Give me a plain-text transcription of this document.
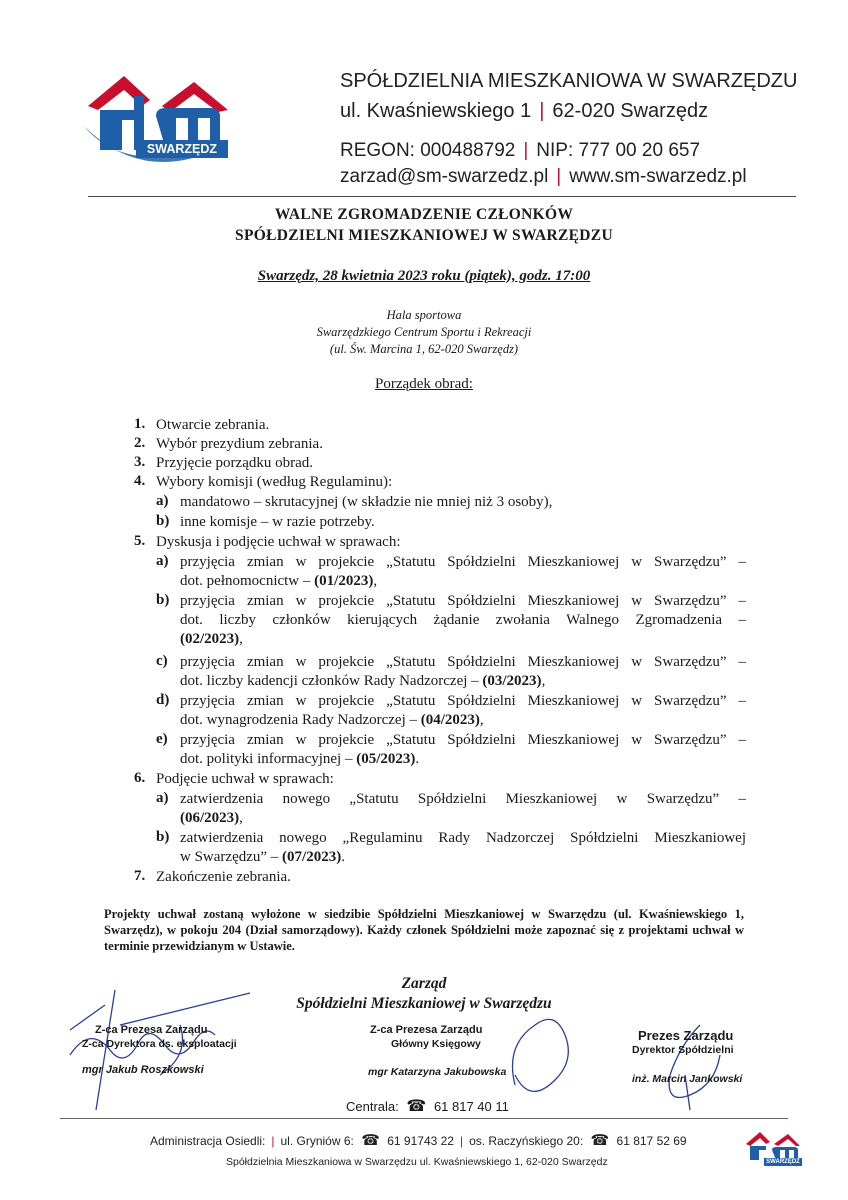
SWARZĘDZ
SPÓŁDZIELNIA MIESZKANIOWA W SWARZĘDZU
ul. Kwaśniewskiego 1 | 62-020 Swarzędz
REGON: 000488792 | NIP: 777 00 20 657
zarzad@sm-swarzedz.pl | www.sm-swarzedz.pl
WALNE ZGROMADZENIE CZŁONKÓW
SPÓŁDZIELNI MIESZKANIOWEJ W SWARZĘDZU
Swarzędz, 28 kwietnia 2023 roku (piątek), godz. 17:00
Hala sportowa
Swarzędzkiego Centrum Sportu i Rekreacji
(ul. Św. Marcina 1, 62-020 Swarzędz)
Porządek obrad:
1. Otwarcie zebrania.
2. Wybór prezydium zebrania.
3. Przyjęcie porządku obrad.
4. Wybory komisji (według Regulaminu):
a) mandatowo – skrutacyjnej (w składzie nie mniej niż 3 osoby),
b) inne komisje – w razie potrzeby.
5. Dyskusja i podjęcie uchwał w sprawach:
a) przyjęcia zmian w projekcie „Statutu Spółdzielni Mieszkaniowej w Swarzędzu” –
dot. pełnomocnictw – (01/2023),
b) przyjęcia zmian w projekcie „Statutu Spółdzielni Mieszkaniowej w Swarzędzu” –
dot. liczby członków kierujących żądanie zwołania Walnego Zgromadzenia –
(02/2023),
c) przyjęcia zmian w projekcie „Statutu Spółdzielni Mieszkaniowej w Swarzędzu” –
dot. liczby kadencji członków Rady Nadzorczej – (03/2023),
d) przyjęcia zmian w projekcie „Statutu Spółdzielni Mieszkaniowej w Swarzędzu” –
dot. wynagrodzenia Rady Nadzorczej – (04/2023),
e) przyjęcia zmian w projekcie „Statutu Spółdzielni Mieszkaniowej w Swarzędzu” –
dot. polityki informacyjnej – (05/2023).
6. Podjęcie uchwał w sprawach:
a) zatwierdzenia nowego „Statutu Spółdzielni Mieszkaniowej w Swarzędzu” –
(06/2023),
b) zatwierdzenia nowego „Regulaminu Rady Nadzorczej Spółdzielni Mieszkaniowej
w Swarzędzu” – (07/2023).
7. Zakończenie zebrania.
Projekty uchwał zostaną wyłożone w siedzibie Spółdzielni Mieszkaniowej w Swarzędzu (ul. Kwaśniewskiego 1, Swarzędz), w pokoju 204 (Dział samorządowy). Każdy członek Spółdzielni może zapoznać się z projektami uchwał w terminie przewidzianym w Ustawie.
Zarząd
Spółdzielni Mieszkaniowej w Swarzędzu
Z-ca Prezesa Zarządu
Z-ca Dyrektora ds. eksploatacji
mgr Jakub Roszkowski
Z-ca Prezesa Zarządu
Główny Księgowy
mgr Katarzyna Jakubowska
Prezes Zarządu
Dyrektor Spółdzielni
inż. Marcin Jankowski
Centrala: ☎ 61 817 40 11
Administracja Osiedli: | ul. Gryniów 6: ☎ 61 91743 22 | os. Raczyńskiego 20: ☎ 61 817 52 69
Spółdzielnia Mieszkaniowa w Swarzędzu ul. Kwaśniewskiego 1, 62-020 Swarzędz	SWARZĘDZ
